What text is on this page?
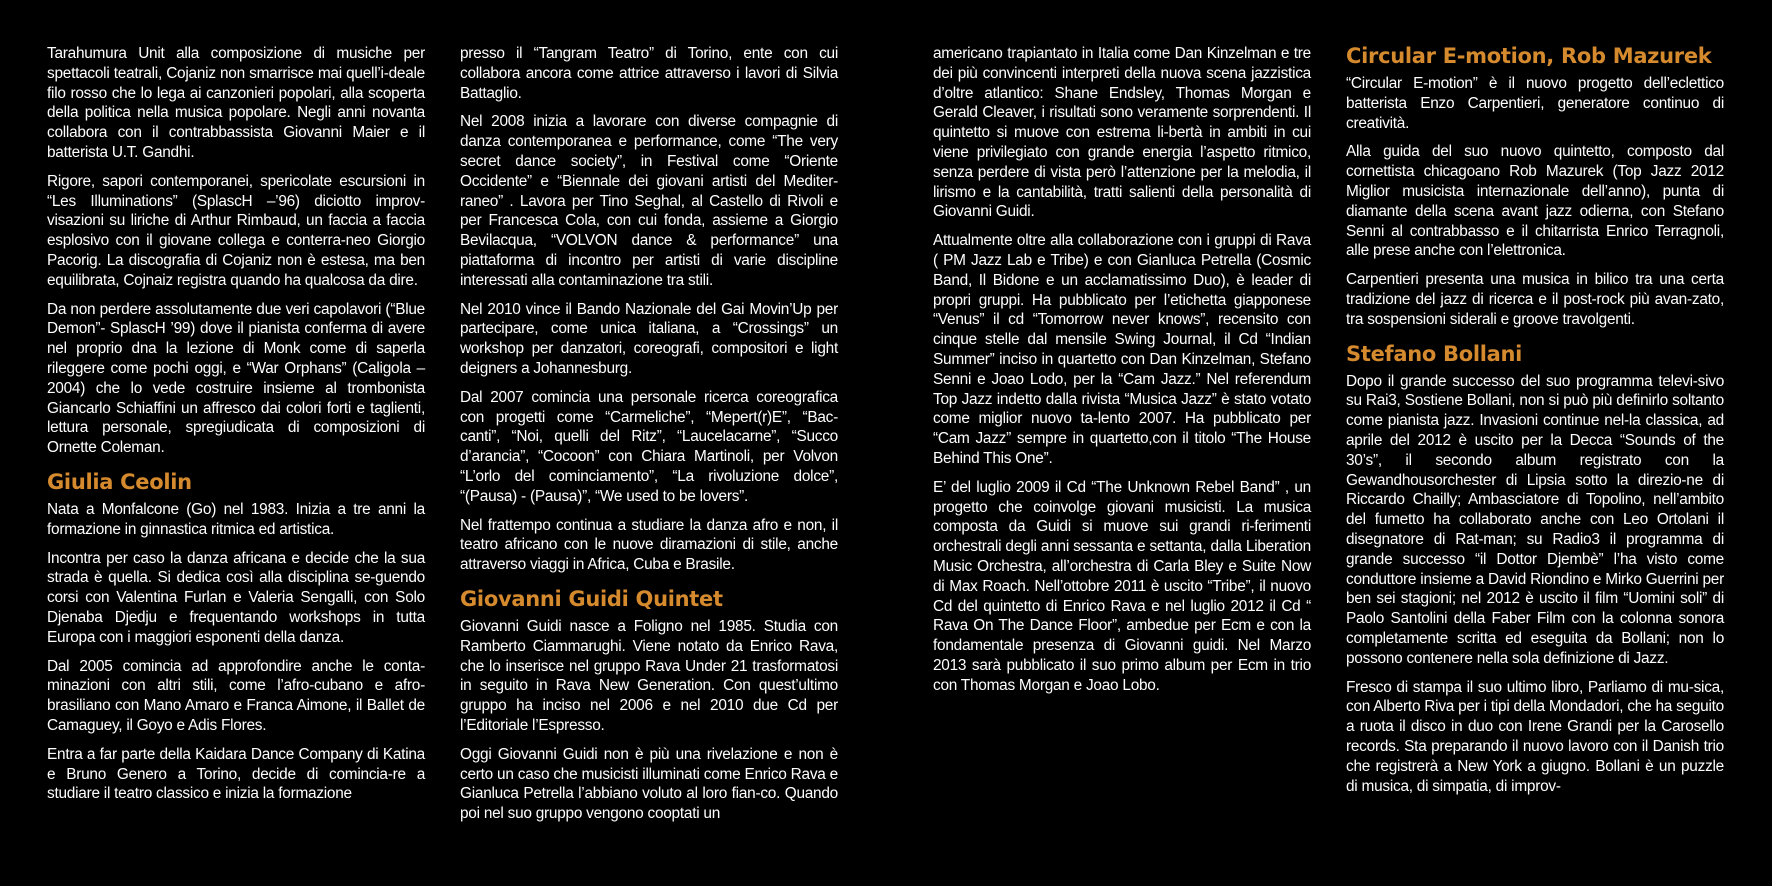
Tarahumura Unit alla composizione di musiche per spettacoli teatrali, Cojaniz non smarrisce mai quell’i-deale filo rosso che lo lega ai canzonieri popolari, alla scoperta della politica nella musica popolare. Negli anni novanta collabora con il contrabbassista Giovanni Maier e il batterista U.T. Gandhi.

Rigore, sapori contemporanei, spericolate escursioni in “Les Illuminations” (SplascH –’96) diciotto improv-visazioni su liriche di Arthur Rimbaud, un faccia a faccia esplosivo con il giovane collega e conterra-neo Giorgio Pacorig. La discografia di Cojaniz non è estesa, ma ben equilibrata, Cojnaiz registra quando ha qualcosa da dire.

Da non perdere assolutamente due veri capolavori (“Blue Demon”- SplascH ’99) dove il pianista conferma di avere nel proprio dna la lezione di Monk come di saperla rileggere come pochi oggi, e “War Orphans” (Caligola – 2004) che lo vede costruire insieme al trombonista Giancarlo Schiaffini un affresco dai colori forti e taglienti, lettura personale, spregiudicata di composizioni di Ornette Coleman.

Giulia Ceolin

Nata a Monfalcone (Go) nel 1983. Inizia a tre anni la formazione in ginnastica ritmica ed artistica.

Incontra per caso la danza africana e decide che la sua strada è quella. Si dedica così alla disciplina se-guendo corsi con Valentina Furlan e Valeria Sengalli, con Solo Djenaba Djedju e frequentando workshops in tutta Europa con i maggiori esponenti della danza.

Dal 2005 comincia ad approfondire anche le conta-minazioni con altri stili, come l’afro-cubano e afro-brasiliano con Mano Amaro e Franca Aimone, il Ballet de Camaguey, il Goyo e Adis Flores.

Entra a far parte della Kaidara Dance Company di Katina e Bruno Genero a Torino, decide di comincia-re a studiare il teatro classico e inizia la formazione

presso il “Tangram Teatro” di Torino, ente con cui collabora ancora come attrice attraverso i lavori di Silvia Battaglio.

Nel 2008 inizia a lavorare con diverse compagnie di danza contemporanea e performance, come “The very secret dance society”, in Festival come “Oriente Occidente” e “Biennale dei giovani artisti del Mediter-raneo” . Lavora per Tino Seghal, al Castello di Rivoli e per Francesca Cola, con cui fonda, assieme a Giorgio Bevilacqua, “VOLVON dance & performance” una piattaforma di incontro per artisti di varie discipline interessati alla contaminazione tra stili.

Nel 2010 vince il Bando Nazionale del Gai Movin’Up per partecipare, come unica italiana, a “Crossings” un workshop per danzatori, coreografi, compositori e light deigners a Johannesburg.

Dal 2007 comincia una personale ricerca coreografica con progetti come “Carmeliche”, “Mepert(r)E”, “Bac-canti”, “Noi, quelli del Ritz”, “Laucelacarne”, “Succo d’arancia”, “Cocoon” con Chiara Martinoli, per Volvon “L’orlo del cominciamento”, “La rivoluzione dolce”, “(Pausa) - (Pausa)”, “We used to be lovers”.

Nel frattempo continua a studiare la danza afro e non, il teatro africano con le nuove diramazioni di stile, anche attraverso viaggi in Africa, Cuba e Brasile.

Giovanni Guidi Quintet

Giovanni Guidi nasce a Foligno nel 1985. Studia con Ramberto Ciammarughi. Viene notato da Enrico Rava, che lo inserisce nel gruppo Rava Under 21 trasformatosi in seguito in Rava New Generation. Con quest’ultimo gruppo ha inciso nel 2006 e nel 2010 due Cd per l’Editoriale l’Espresso.

Oggi Giovanni Guidi non è più una rivelazione e non è certo un caso che musicisti illuminati come Enrico Rava e Gianluca Petrella l’abbiano voluto al loro fian-co. Quando poi nel suo gruppo vengono cooptati un

americano trapiantato in Italia come Dan Kinzelman e tre dei più convincenti interpreti della nuova scena jazzistica d’oltre atlantico: Shane Endsley, Thomas Morgan e Gerald Cleaver, i risultati sono veramente sorprendenti. Il quintetto si muove con estrema li-bertà in ambiti in cui viene privilegiato con grande energia l’aspetto ritmico, senza perdere di vista però l’attenzione per la melodia, il lirismo e la cantabilità, tratti salienti della personalità di Giovanni Guidi.

Attualmente oltre alla collaborazione con i gruppi di Rava ( PM Jazz Lab e Tribe) e con Gianluca Petrella (Cosmic Band, Il Bidone e un acclamatissimo Duo), è leader di propri gruppi. Ha pubblicato per l’etichetta giapponese “Venus” il cd “Tomorrow never knows”, recensito con cinque stelle dal mensile Swing Journal, il Cd “Indian Summer” inciso in quartetto con Dan Kinzelman, Stefano Senni e Joao Lodo, per la “Cam Jazz.” Nel referendum Top Jazz indetto dalla rivista “Musica Jazz” è stato votato come miglior nuovo ta-lento 2007. Ha pubblicato per “Cam Jazz” sempre in quartetto,con il titolo “The House Behind This One”.

E’ del luglio 2009 il Cd “The Unknown Rebel Band” , un progetto che coinvolge giovani musicisti. La musica composta da Guidi si muove sui grandi ri-ferimenti orchestrali degli anni sessanta e settanta, dalla Liberation Music Orchestra, all’orchestra di Carla Bley e Suite Now di Max Roach. Nell’ottobre 2011 è uscito “Tribe”, il nuovo Cd del quintetto di Enrico Rava e nel luglio 2012 il Cd “ Rava On The Dance Floor”, ambedue per Ecm e con la fondamentale presenza di Giovanni guidi. Nel Marzo 2013 sarà pubblicato il suo primo album per Ecm in trio con Thomas Morgan e Joao Lobo.

Circular E-motion, Rob Mazurek

“Circular E-motion” è il nuovo progetto dell’eclettico batterista Enzo Carpentieri, generatore continuo di creatività.

Alla guida del suo nuovo quintetto, composto dal cornettista chicagoano Rob Mazurek (Top Jazz 2012 Miglior musicista internazionale dell’anno), punta di diamante della scena avant jazz odierna, con Stefano Senni al contrabbasso e il chitarrista Enrico Terragnoli, alle prese anche con l’elettronica.

Carpentieri presenta una musica in bilico tra una certa tradizione del jazz di ricerca e il post-rock più avan-zato, tra sospensioni siderali e groove travolgenti.

Stefano Bollani

Dopo il grande successo del suo programma televi-sivo su Rai3, Sostiene Bollani, non si può più definirlo soltanto come pianista jazz. Invasioni continue nel-la classica, ad aprile del 2012 è uscito per la Decca “Sounds of the 30’s”, il secondo album registrato con la Gewandhousorchester di Lipsia sotto la direzio-ne di Riccardo Chailly; Ambasciatore di Topolino, nell’ambito del fumetto ha collaborato anche con Leo Ortolani il disegnatore di Rat-man; su Radio3 il programma di grande successo “il Dottor Djembè” l’ha visto come conduttore insieme a David Riondino e Mirko Guerrini per ben sei stagioni; nel 2012 è uscito il film “Uomini soli” di Paolo Santolini della Faber Film con la colonna sonora completamente scritta ed eseguita da Bollani; non lo possono contenere nella sola definizione di Jazz.

Fresco di stampa il suo ultimo libro, Parliamo di mu-sica, con Alberto Riva per i tipi della Mondadori, che ha seguito a ruota il disco in duo con Irene Grandi per la Carosello records. Sta preparando il nuovo lavoro con il Danish trio che registrerà a New York a giugno. Bollani è un puzzle di musica, di simpatia, di improv-
